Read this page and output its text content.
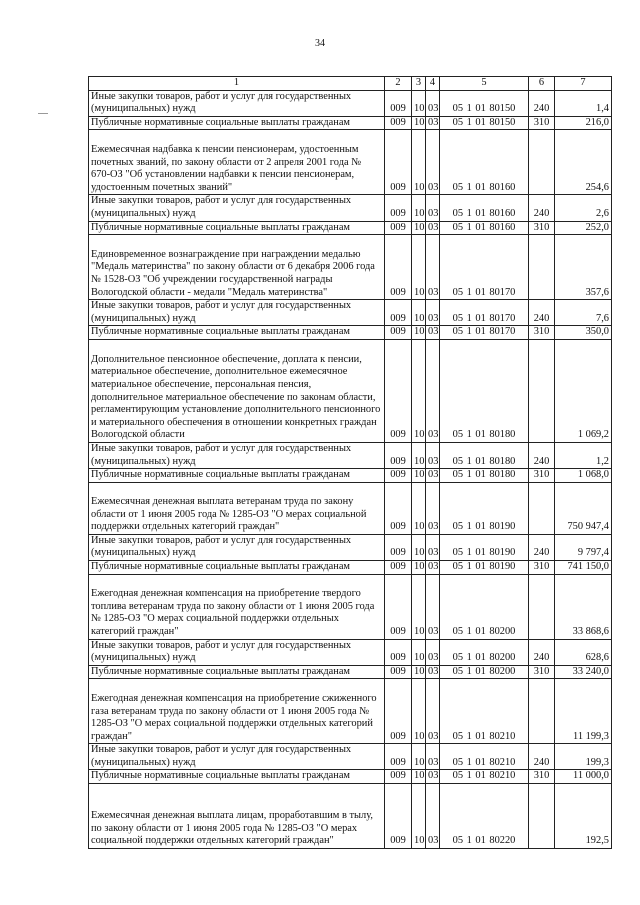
34
1	2	3	4	5	6	7
Иные закупки товаров, работ и услуг для государственных (муниципальных) нужд	009	10	03	05 1 01 80150	240	1,4
Публичные нормативные социальные выплаты гражданам	009	10	03	05 1 01 80150	310	216,0
Ежемесячная надбавка к пенсии пенсионерам, удостоенным почетных званий, по закону области от 2 апреля 2001 года № 670-ОЗ "Об установлении надбавки к пенсии пенсионерам, удостоенным почетных званий"	009	10	03	05 1 01 80160		254,6
Иные закупки товаров, работ и услуг для государственных (муниципальных) нужд	009	10	03	05 1 01 80160	240	2,6
Публичные нормативные социальные выплаты гражданам	009	10	03	05 1 01 80160	310	252,0
Единовременное вознаграждение при награждении медалью "Медаль материнства" по закону области от 6 декабря 2006 года № 1528-ОЗ "Об учреждении государственной награды Вологодской области - медали "Медаль материнства"	009	10	03	05 1 01 80170		357,6
Иные закупки товаров, работ и услуг для государственных (муниципальных) нужд	009	10	03	05 1 01 80170	240	7,6
Публичные нормативные социальные выплаты гражданам	009	10	03	05 1 01 80170	310	350,0
Дополнительное пенсионное обеспечение, доплата к пенсии, материальное обеспечение, дополнительное ежемесячное материальное обеспечение, персональная пенсия, дополнительное материальное обеспечение по законам области, регламентирующим установление дополнительного пенсионного и материального обеспечения в отношении конкретных граждан Вологодской области	009	10	03	05 1 01 80180		1 069,2
Иные закупки товаров, работ и услуг для государственных (муниципальных) нужд	009	10	03	05 1 01 80180	240	1,2
Публичные нормативные социальные выплаты гражданам	009	10	03	05 1 01 80180	310	1 068,0
Ежемесячная денежная выплата ветеранам труда по закону области от 1 июня 2005 года № 1285-ОЗ "О мерах социальной поддержки отдельных категорий граждан"	009	10	03	05 1 01 80190		750 947,4
Иные закупки товаров, работ и услуг для государственных (муниципальных) нужд	009	10	03	05 1 01 80190	240	9 797,4
Публичные нормативные социальные выплаты гражданам	009	10	03	05 1 01 80190	310	741 150,0
Ежегодная денежная компенсация на приобретение твердого топлива ветеранам труда по закону области от 1 июня 2005 года № 1285-ОЗ "О мерах социальной поддержки отдельных категорий граждан"	009	10	03	05 1 01 80200		33 868,6
Иные закупки товаров, работ и услуг для государственных (муниципальных) нужд	009	10	03	05 1 01 80200	240	628,6
Публичные нормативные социальные выплаты гражданам	009	10	03	05 1 01 80200	310	33 240,0
Ежегодная денежная компенсация на приобретение сжиженного газа ветеранам труда по закону области от 1 июня 2005 года № 1285-ОЗ "О мерах социальной поддержки отдельных категорий граждан"	009	10	03	05 1 01 80210		11 199,3
Иные закупки товаров, работ и услуг для государственных (муниципальных) нужд	009	10	03	05 1 01 80210	240	199,3
Публичные нормативные социальные выплаты гражданам	009	10	03	05 1 01 80210	310	11 000,0
Ежемесячная денежная выплата лицам, проработавшим в тылу, по закону области от 1 июня 2005 года № 1285-ОЗ "О мерах социальной поддержки отдельных категорий граждан"	009	10	03	05 1 01 80220		192,5
